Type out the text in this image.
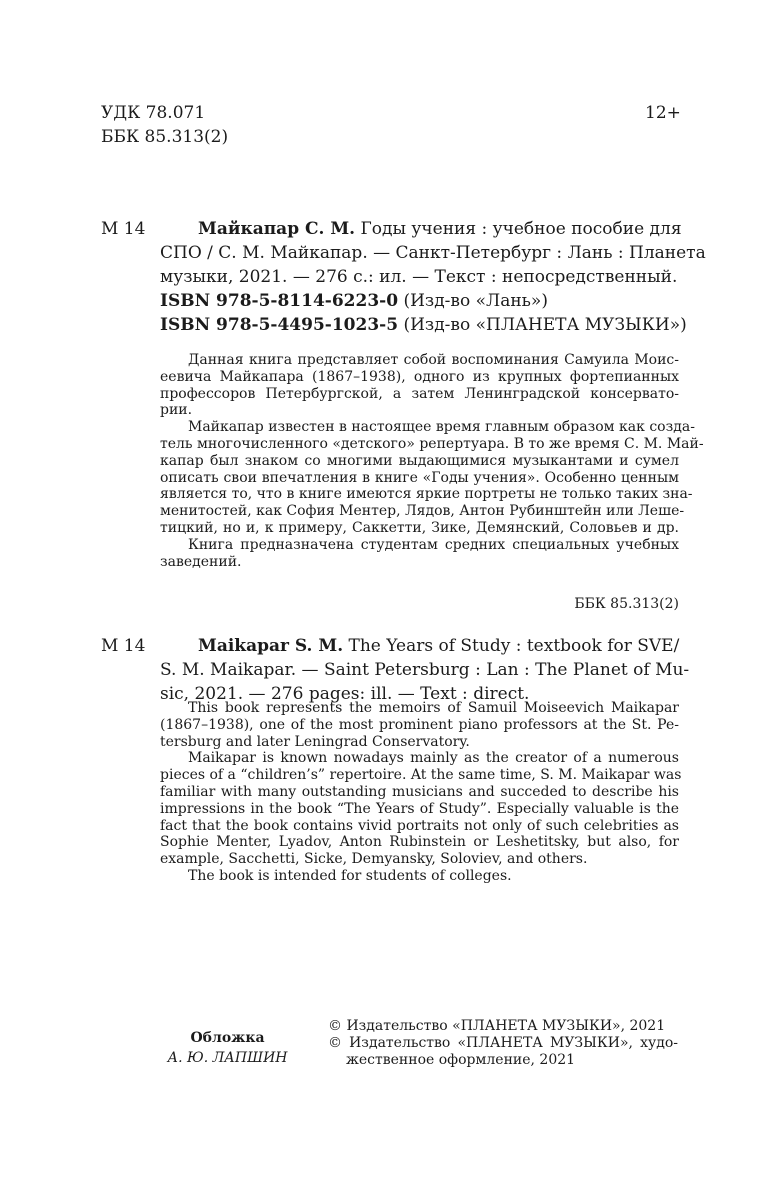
УДК 78.071
ББК 85.313(2)
12+
М 14	Майкапар С. М. Годы учения : учебное пособие для
СПО / С. М. Майкапар. — Санкт-Петербург : Лань : Планета
музыки, 2021. — 276 с.: ил. — Текст : непосредственный.
ISBN 978-5-8114-6223-0 (Изд-во «Лань»)
ISBN 978-5-4495-1023-5 (Изд-во «ПЛАНЕТА МУЗЫКИ»)
Данная книга представляет собой воспоминания Самуила Моис-
еевича Майкапара (1867–1938), одного из крупных фортепианных
профессоров Петербургской, а затем Ленинградской консервато-
рии.
Майкапар известен в настоящее время главным образом как созда-
тель многочисленного «детского» репертуара. В то же время С. М. Май-
капар был знаком со многими выдающимися музыкантами и сумел
описать свои впечатления в книге «Годы учения». Особенно ценным
является то, что в книге имеются яркие портреты не только таких зна-
менитостей, как София Ментер, Лядов, Антон Рубинштейн или Леше-
тицкий, но и, к примеру, Саккетти, Зике, Демянский, Соловьев и др.
Книга предназначена студентам средних специальных учебных
заведений.
ББК 85.313(2)
М 14	Maikapar S. M. The Years of Study : textbook for SVE/
S. M. Maikapar. — Saint Petersburg : Lan : The Planet of Mu-
sic, 2021. — 276 pages: ill. — Text : direct.
This book represents the memoirs of Samuil Moiseevich Maikapar
(1867–1938), one of the most prominent piano professors at the St. Pe-
tersburg and later Leningrad Conservatory.
Maikapar is known nowadays mainly as the creator of a numerous
pieces of a “children’s” repertoire. At the same time, S. M. Maikapar was
familiar with many outstanding musicians and succeded to describe his
impressions in the book “The Years of Study”. Especially valuable is the
fact that the book contains vivid portraits not only of such celebrities as
Sophie Menter, Lyadov, Anton Rubinstein or Leshetitsky, but also, for
example, Sacchetti, Sicke, Demyansky, Soloviev, and others.
The book is intended for students of colleges.
Обложка
А. Ю. ЛАПШИН
© Издательство «ПЛАНЕТА МУЗЫКИ», 2021
© Издательство «ПЛАНЕТА МУЗЫКИ», худо-
жественное оформление, 2021
